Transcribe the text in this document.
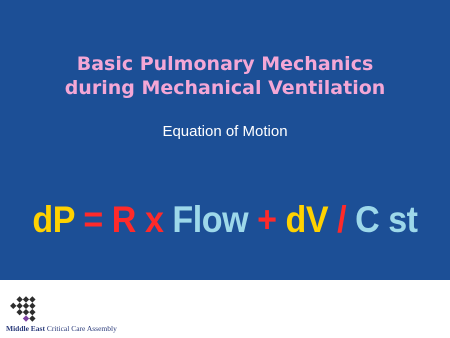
Basic Pulmonary Mechanics
during Mechanical Ventilation
Equation of Motion
dP = R x Flow + dV / C st
Middle East Critical Care Assembly
